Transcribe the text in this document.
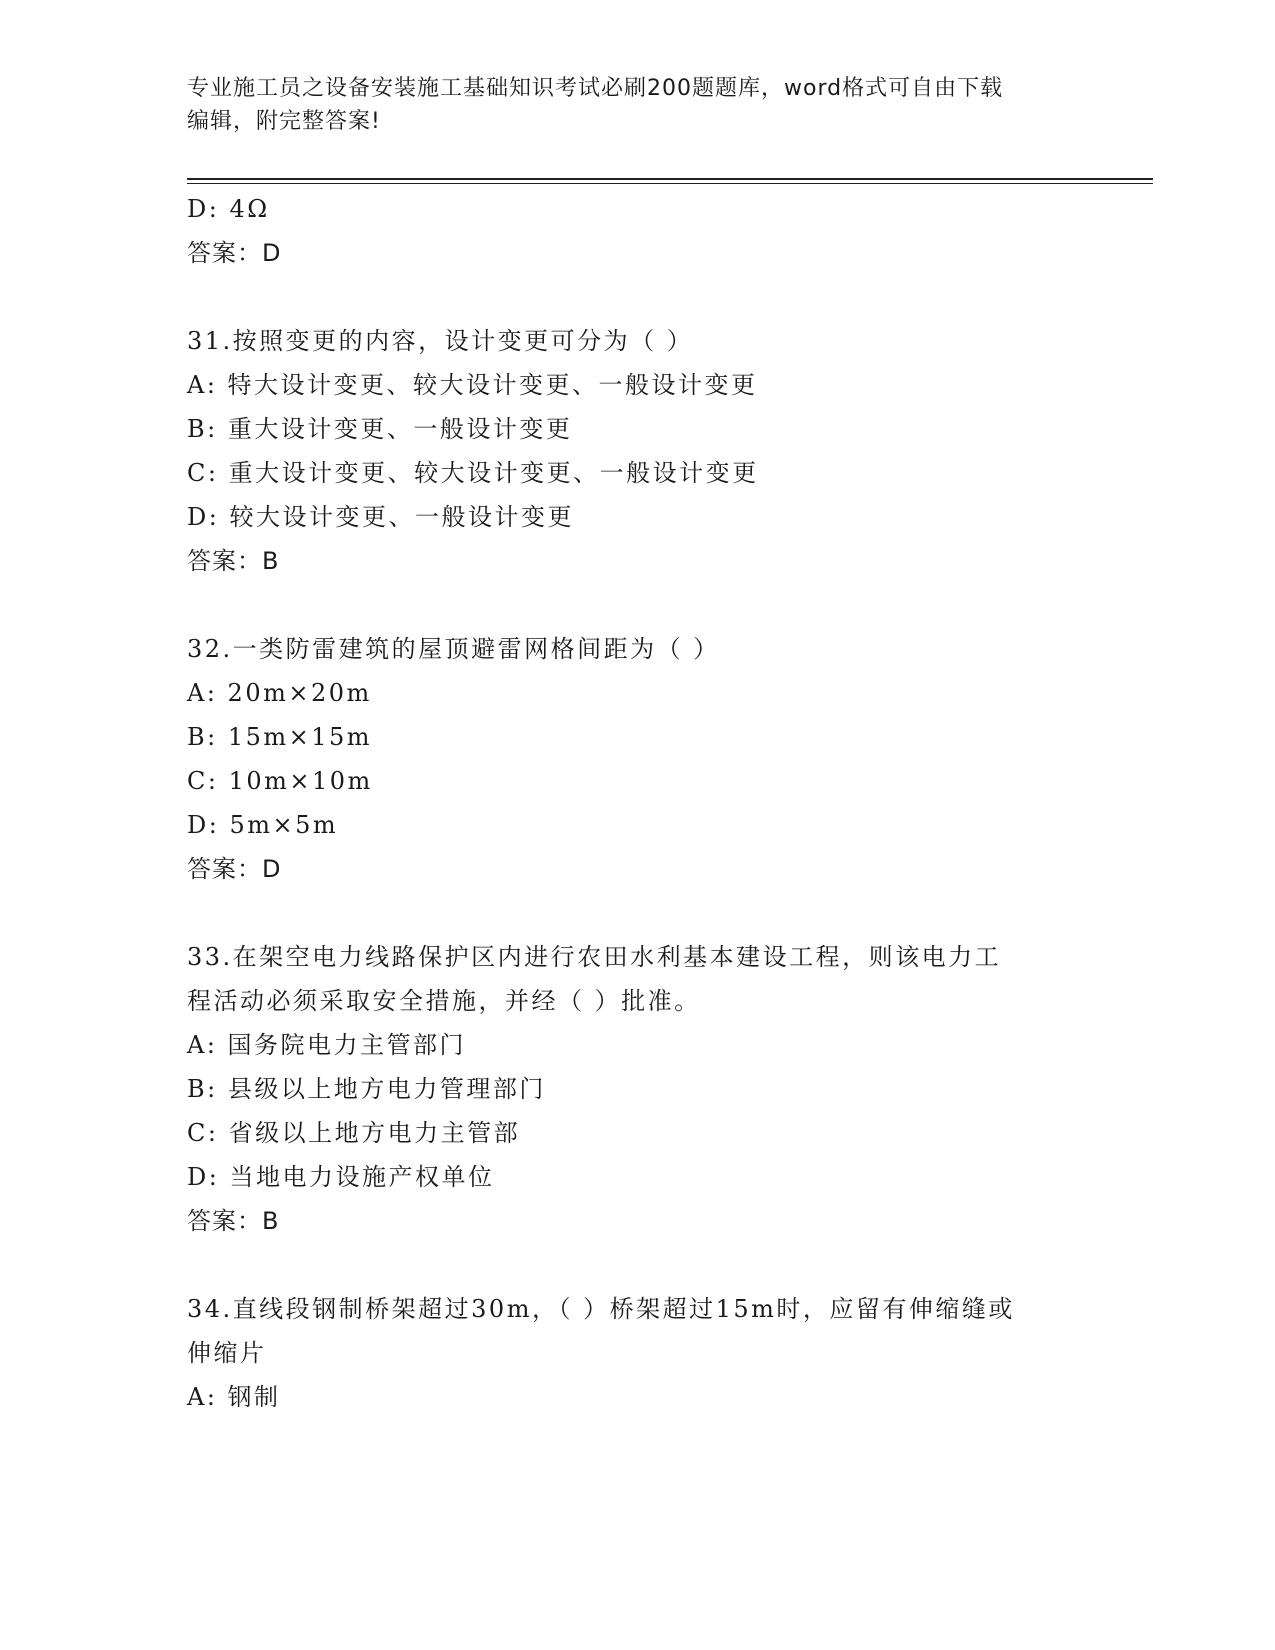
专业施工员之设备安装施工基础知识考试必刷200题题库，word格式可自由下载
编辑，附完整答案!
D: 4Ω
答案：D
31.按照变更的内容，设计变更可分为（ ）
A: 特大设计变更、较大设计变更、一般设计变更
B: 重大设计变更、一般设计变更
C: 重大设计变更、较大设计变更、一般设计变更
D: 较大设计变更、一般设计变更
答案：B
32.一类防雷建筑的屋顶避雷网格间距为（ ）
A: 20m×20m
B: 15m×15m
C: 10m×10m
D: 5m×5m
答案：D
33.在架空电力线路保护区内进行农田水利基本建设工程，则该电力工
程活动必须采取安全措施，并经（ ）批准。
A: 国务院电力主管部门
B: 县级以上地方电力管理部门
C: 省级以上地方电力主管部
D: 当地电力设施产权单位
答案：B
34.直线段钢制桥架超过30m，（ ）桥架超过15m时，应留有伸缩缝或
伸缩片
A: 钢制
